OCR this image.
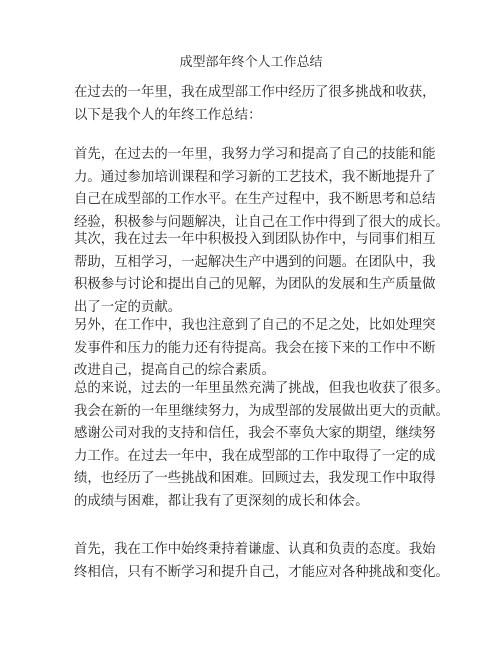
成型部年终个人工作总结
在过去的一年里，我在成型部工作中经历了很多挑战和收获，
以下是我个人的年终工作总结：
首先，在过去的一年里，我努力学习和提高了自己的技能和能
力。通过参加培训课程和学习新的工艺技术，我不断地提升了
自己在成型部的工作水平。在生产过程中，我不断思考和总结
经验，积极参与问题解决，让自己在工作中得到了很大的成长。
其次，我在过去一年中积极投入到团队协作中，与同事们相互
帮助，互相学习，一起解决生产中遇到的问题。在团队中，我
积极参与讨论和提出自己的见解，为团队的发展和生产质量做
出了一定的贡献。
另外，在工作中，我也注意到了自己的不足之处，比如处理突
发事件和压力的能力还有待提高。我会在接下来的工作中不断
改进自己，提高自己的综合素质。
总的来说，过去的一年里虽然充满了挑战，但我也收获了很多。
我会在新的一年里继续努力，为成型部的发展做出更大的贡献。
感谢公司对我的支持和信任，我会不辜负大家的期望，继续努
力工作。在过去一年中，我在成型部的工作中取得了一定的成
绩，也经历了一些挑战和困难。回顾过去，我发现工作中取得
的成绩与困难，都让我有了更深刻的成长和体会。
首先，我在工作中始终秉持着谦虚、认真和负责的态度。我始
终相信，只有不断学习和提升自己，才能应对各种挑战和变化。
